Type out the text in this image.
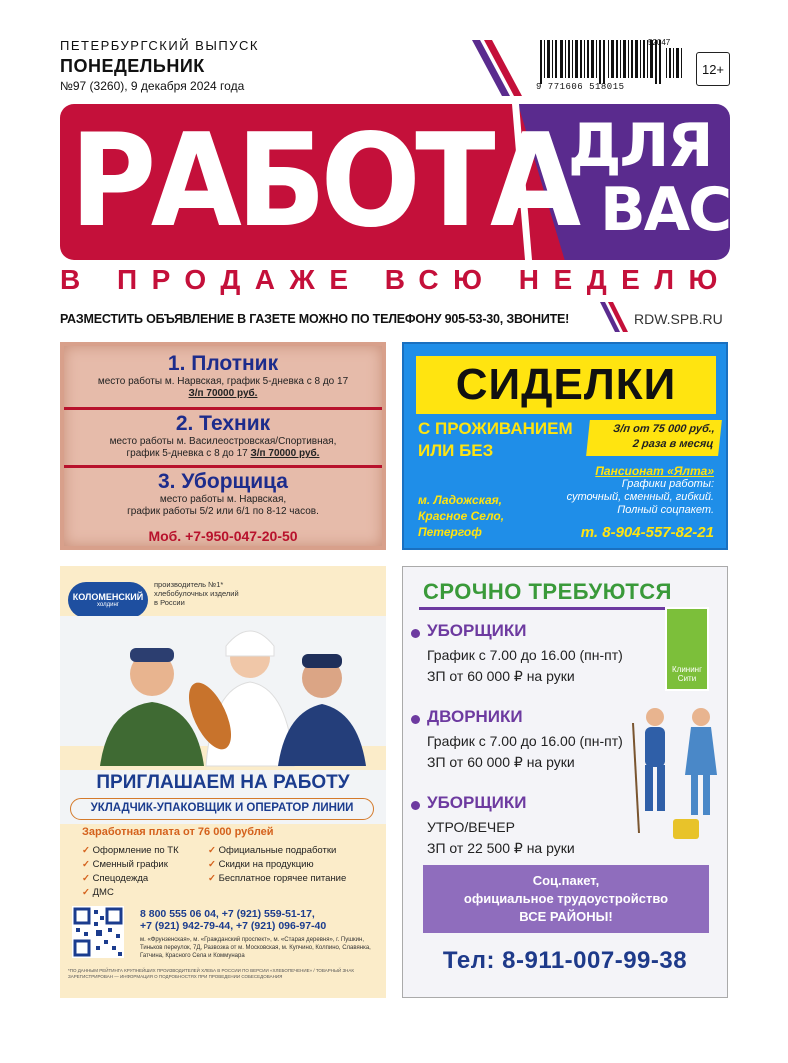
ПЕТЕРБУРГСКИЙ ВЫПУСК
ПОНЕДЕЛЬНИК
№97 (3260), 9 декабря 2024 года	9 771606 518015
52047
12+
РАБОТА
ДЛЯ
ВАС
В ПРОДАЖЕ ВСЮ НЕДЕЛЮ
РАЗМЕСТИТЬ ОБЪЯВЛЕНИЕ В ГАЗЕТЕ МОЖНО ПО ТЕЛЕФОНУ 905-53-30, ЗВОНИТЕ!	RDW.SPB.RU
1. Плотник
место работы м. Нарвская, график 5-дневка с 8 до 17
З/п 70000 руб.
2. Техник
место работы м. Василеостровская/Спортивная,
график 5-дневка с 8 до 17 З/п 70000 руб.
3. Уборщица
место работы м. Нарвская,
график работы 5/2 или 6/1 по 8-12 часов.
Моб. +7-950-047-20-50
СИДЕЛКИ
С ПРОЖИВАНИЕМ
ИЛИ БЕЗ
З/п от 75 000 руб.,
2 раза в месяц
Пансионат «Ялта»
Графики работы:
суточный, сменный, гибкий.
Полный соцпакет.
м. Ладожская,
Красное Село,
Петергоф	т. 8-904-557-82-21
КОЛОМЕНСКИЙ
холдинг
производитель №1*
хлебобулочных изделий
в России
ПРИГЛАШАЕМ НА РАБОТУ
УКЛАДЧИК-УПАКОВЩИК И ОПЕРАТОР ЛИНИИ
Заработная плата от 76 000 рублей
✓ Оформление по ТК
✓ Сменный график
✓ Спецодежда
✓ ДМС
✓ Официальные подработки
✓ Скидки на продукцию
✓ Бесплатное горячее питание
8 800 555 06 04, +7 (921) 559-51-17,
+7 (921) 942-79-44, +7 (921) 096-97-40
м. «Фрунзенская», м. «Гражданский проспект», м. «Старая деревня», г. Пушкин, Тиньков переулок, 7Д, Развозка от м. Московская, м. Купчино, Колпино, Славянка, Гатчина, Красного Села и Коммунара
*ПО ДАННЫМ РЕЙТИНГА КРУПНЕЙШИХ ПРОИЗВОДИТЕЛЕЙ ХЛЕБА В РОССИИ ПО ВЕРСИИ «ХЛЕБОПЕЧЕНИЕ» / ТОВАРНЫЙ ЗНАК ЗАРЕГИСТРИРОВАН — ИНФОРМАЦИЯ О ПОДРОБНОСТЯХ ПРИ ПРОВЕДЕНИИ СОБЕСЕДОВАНИЯ
СРОЧНО ТРЕБУЮТСЯ
Клининг
Сити
УБОРЩИКИ
График с 7.00 до 16.00 (пн-пт)
ЗП от 60 000 ₽ на руки
ДВОРНИКИ
График с 7.00 до 16.00 (пн-пт)
ЗП от 60 000 ₽ на руки
УБОРЩИКИ
УТРО/ВЕЧЕР
ЗП от 22 500 ₽ на руки
Соц.пакет,
официальное трудоустройство
ВСЕ РАЙОНЫ!
Тел: 8-911-007-99-38
